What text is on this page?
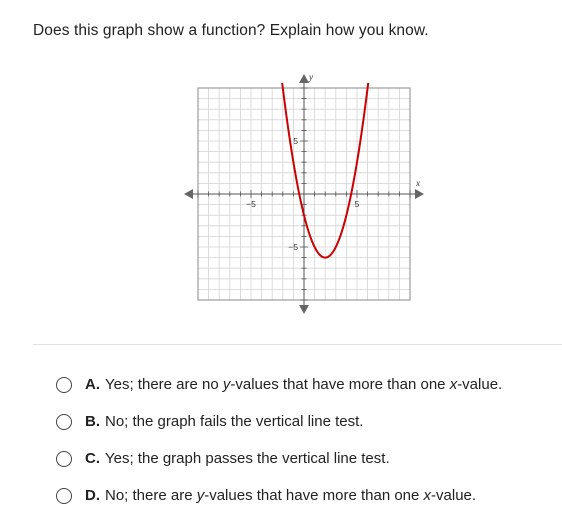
Does this graph show a function? Explain how you know.
−5	5
5
−5
x
y
A. Yes; there are no y-values that have more than one x-value.
B. No; the graph fails the vertical line test.
C. Yes; the graph passes the vertical line test.
D. No; there are y-values that have more than one x-value.
